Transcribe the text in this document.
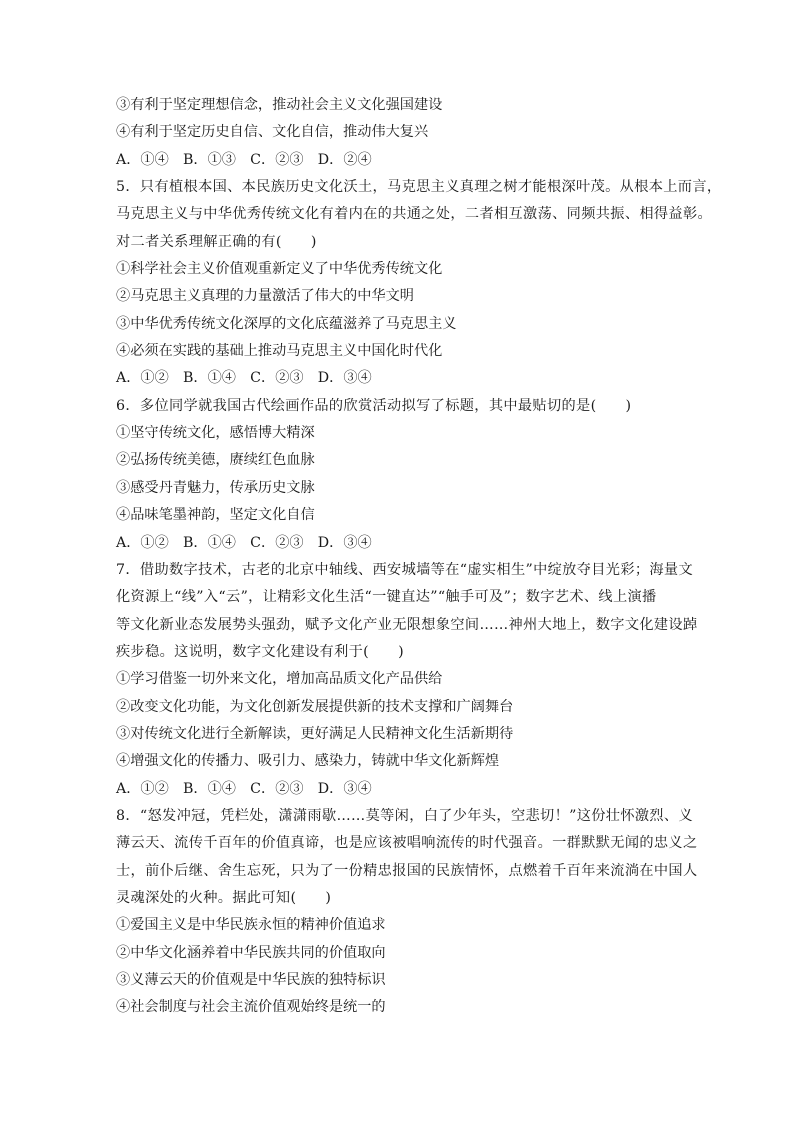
③有利于坚定理想信念，推动社会主义文化强国建设
④有利于坚定历史自信、文化自信，推动伟大复兴
A．①④　B．①③　C．②③　D．②④
5．只有植根本国、本民族历史文化沃土，马克思主义真理之树才能根深叶茂。从根本上而言，
马克思主义与中华优秀传统文化有着内在的共通之处，二者相互激荡、同频共振、相得益彰。
对二者关系理解正确的有(　　)
①科学社会主义价值观重新定义了中华优秀传统文化
②马克思主义真理的力量激活了伟大的中华文明
③中华优秀传统文化深厚的文化底蕴滋养了马克思主义
④必须在实践的基础上推动马克思主义中国化时代化
A．①②　B．①④　C．②③　D．③④
6．多位同学就我国古代绘画作品的欣赏活动拟写了标题，其中最贴切的是(　　)
①坚守传统文化，感悟博大精深
②弘扬传统美德，赓续红色血脉
③感受丹青魅力，传承历史文脉
④品味笔墨神韵，坚定文化自信
A．①②　B．①④　C．②③　D．③④
7．借助数字技术，古老的北京中轴线、西安城墙等在“虚实相生”中绽放夺目光彩；海量文
化资源上“线”入“云”，让精彩文化生活“一键直达”“触手可及”；数字艺术、线上演播
等文化新业态发展势头强劲，赋予文化产业无限想象空间……神州大地上，数字文化建设踔
疾步稳。这说明，数字文化建设有利于(　　)
①学习借鉴一切外来文化，增加高品质文化产品供给
②改变文化功能，为文化创新发展提供新的技术支撑和广阔舞台
③对传统文化进行全新解读，更好满足人民精神文化生活新期待
④增强文化的传播力、吸引力、感染力，铸就中华文化新辉煌
A．①②　B．①④　C．②③　D．③④
8．“怒发冲冠，凭栏处，潇潇雨歇……莫等闲，白了少年头，空悲切！”这份壮怀激烈、义
薄云天、流传千百年的价值真谛，也是应该被唱响流传的时代强音。一群默默无闻的忠义之
士，前仆后继、舍生忘死，只为了一份精忠报国的民族情怀，点燃着千百年来流淌在中国人
灵魂深处的火种。据此可知(　　)
①爱国主义是中华民族永恒的精神价值追求
②中华文化涵养着中华民族共同的价值取向
③义薄云天的价值观是中华民族的独特标识
④社会制度与社会主流价值观始终是统一的
